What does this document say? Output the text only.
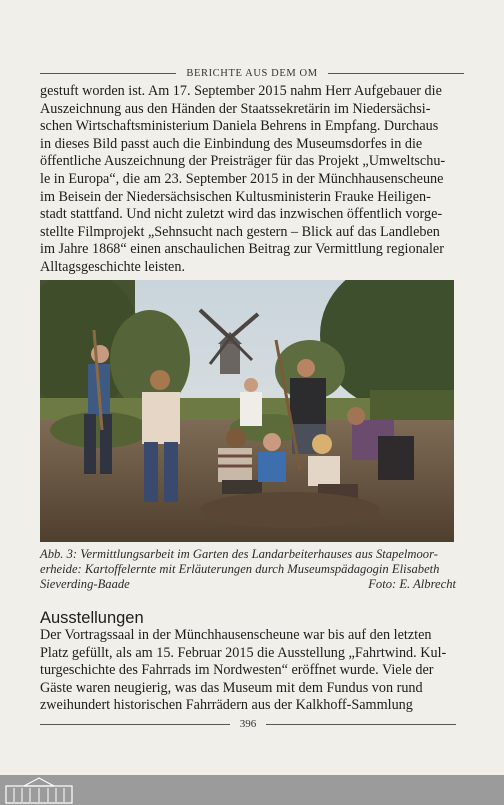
BERICHTE AUS DEM OM

gestuft worden ist. Am 17. September 2015 nahm Herr Aufgebauer die

Auszeichnung aus den Händen der Staatssekretärin im Niedersächsi-

schen Wirtschaftsministerium Daniela Behrens in Empfang. Durchaus

in dieses Bild passt auch die Einbindung des Museumsdorfes in die

öffentliche Auszeichnung der Preisträger für das Projekt „Umweltschu-

le in Europa“, die am 23. September 2015 in der Münchhausenscheune

im Beisein der Niedersächsischen Kultusministerin Frauke Heiligen-

stadt stattfand. Und nicht zuletzt wird das inzwischen öffentlich vorge-

stellte Filmprojekt „Sehnsucht nach gestern – Blick auf das Landleben

im Jahre 1868“ einen anschaulichen Beitrag zur Vermittlung regionaler

Alltagsgeschichte leisten.

Abb. 3: Vermittlungsarbeit im Garten des Landarbeiterhauses aus Stapelmoor-
erheide: Kartoffelernte mit Erläuterungen durch Museumspädagogin Elisabeth
Sieverding-Baade	Foto: E. Albrecht
Ausstellungen

Der Vortragssaal in der Münchhausenscheune war bis auf den letzten

Platz gefüllt, als am 15. Februar 2015 die Ausstellung „Fahrtwind. Kul-

turgeschichte des Fahrrads im Nordwesten“ eröffnet wurde. Viele der

Gäste waren neugierig, was das Museum mit dem Fundus von rund

zweihundert historischen Fahrrädern aus der Kalkhoff-Sammlung

396
